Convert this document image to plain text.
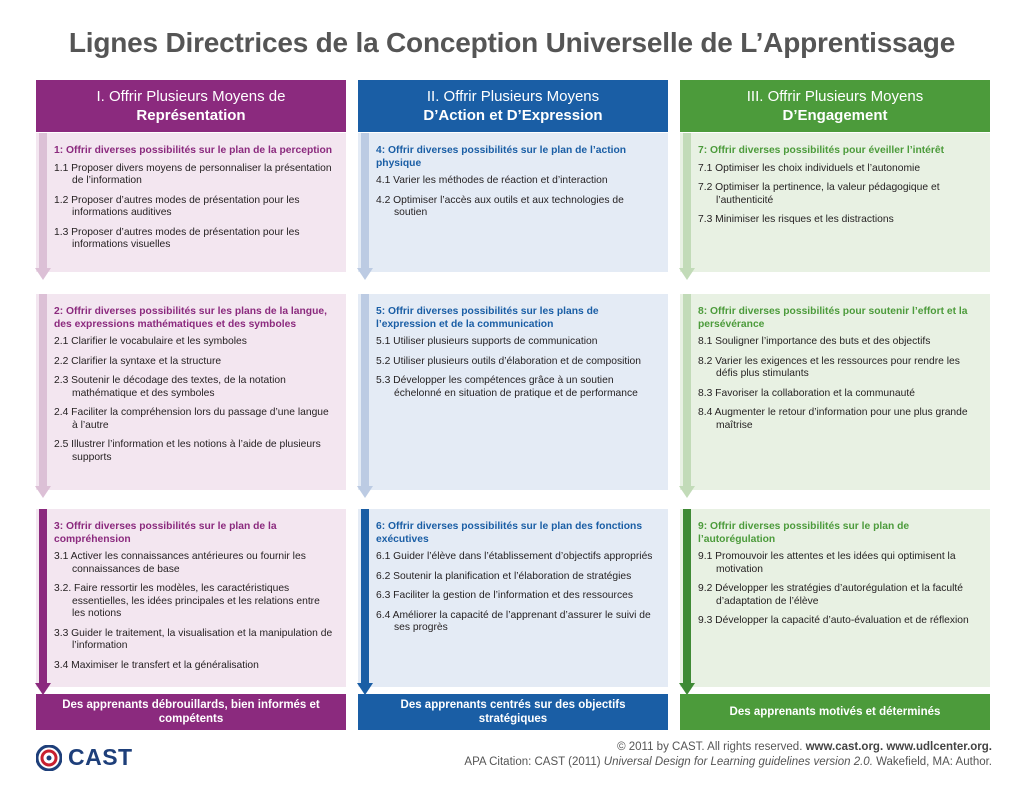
Lignes Directrices de la Conception Universelle de L’Apprentissage
I. Offrir Plusieurs Moyens de
Représentation
1: Offrir diverses possibilités sur le plan de la perception
1.1 Proposer divers moyens de personnaliser la présentation de l’information
1.2 Proposer d’autres modes de présentation pour les informations auditives
1.3 Proposer d’autres modes de présentation pour les informations visuelles
2: Offrir diverses possibilités sur les plans de la langue, des expressions mathématiques et des symboles
2.1 Clarifier le vocabulaire et les symboles
2.2 Clarifier la syntaxe et la structure
2.3 Soutenir le décodage des textes, de la notation mathématique et des symboles
2.4 Faciliter la compréhension lors du passage d’une langue à l’autre
2.5 Illustrer l’information et les notions à l’aide de plusieurs supports
3: Offrir diverses possibilités sur le plan de la compréhension
3.1 Activer les connaissances antérieures ou fournir les connaissances de base
3.2. Faire ressortir les modèles, les caractéristiques essentielles, les idées principales et les relations entre les notions
3.3 Guider le traitement, la visualisation et la manipulation de l’information
3.4 Maximiser le transfert et la généralisation
II. Offrir Plusieurs Moyens
D’Action et D’Expression
4: Offrir diverses possibilités sur le plan de l’action physique
4.1 Varier les méthodes de réaction et d’interaction
4.2 Optimiser l’accès aux outils et aux technologies de soutien
5: Offrir diverses possibilités sur les plans de l’expression et de la communication
5.1 Utiliser plusieurs supports de communication
5.2 Utiliser plusieurs outils d’élaboration et de composition
5.3 Développer les compétences grâce à un soutien échelonné en situation de pratique et de performance
6: Offrir diverses possibilités sur le plan des fonctions exécutives
6.1 Guider l’élève dans l’établissement d’objectifs appropriés
6.2 Soutenir la planification et l’élaboration de stratégies
6.3 Faciliter la gestion de l’information et des ressources
6.4 Améliorer la capacité de l’apprenant d’assurer le suivi de ses progrès
III. Offrir Plusieurs Moyens
D’Engagement
7: Offrir diverses possibilités pour éveiller l’intérêt
7.1 Optimiser les choix individuels et l’autonomie
7.2 Optimiser la pertinence, la valeur pédagogique et l’authenticité
7.3 Minimiser les risques et les distractions
8: Offrir diverses possibilités pour soutenir l’effort et la persévérance
8.1 Souligner l’importance des buts et des objectifs
8.2 Varier les exigences et les ressources pour rendre les défis plus stimulants
8.3 Favoriser la collaboration et la communauté
8.4 Augmenter le retour d’information pour une plus grande maîtrise
9: Offrir diverses possibilités sur le plan de l’autorégulation
9.1 Promouvoir les attentes et les idées qui optimisent la motivation
9.2 Développer les stratégies d’autorégulation et la faculté d’adaptation de l’élève
9.3 Développer la capacité d’auto-évaluation et de réflexion
Des apprenants débrouillards, bien informés et compétents
Des apprenants centrés sur des objectifs stratégiques
Des apprenants motivés et déterminés
CAST	© 2011 by CAST. All rights reserved. www.cast.org. www.udlcenter.org.
APA Citation: CAST (2011) Universal Design for Learning guidelines version 2.0. Wakefield, MA: Author.
